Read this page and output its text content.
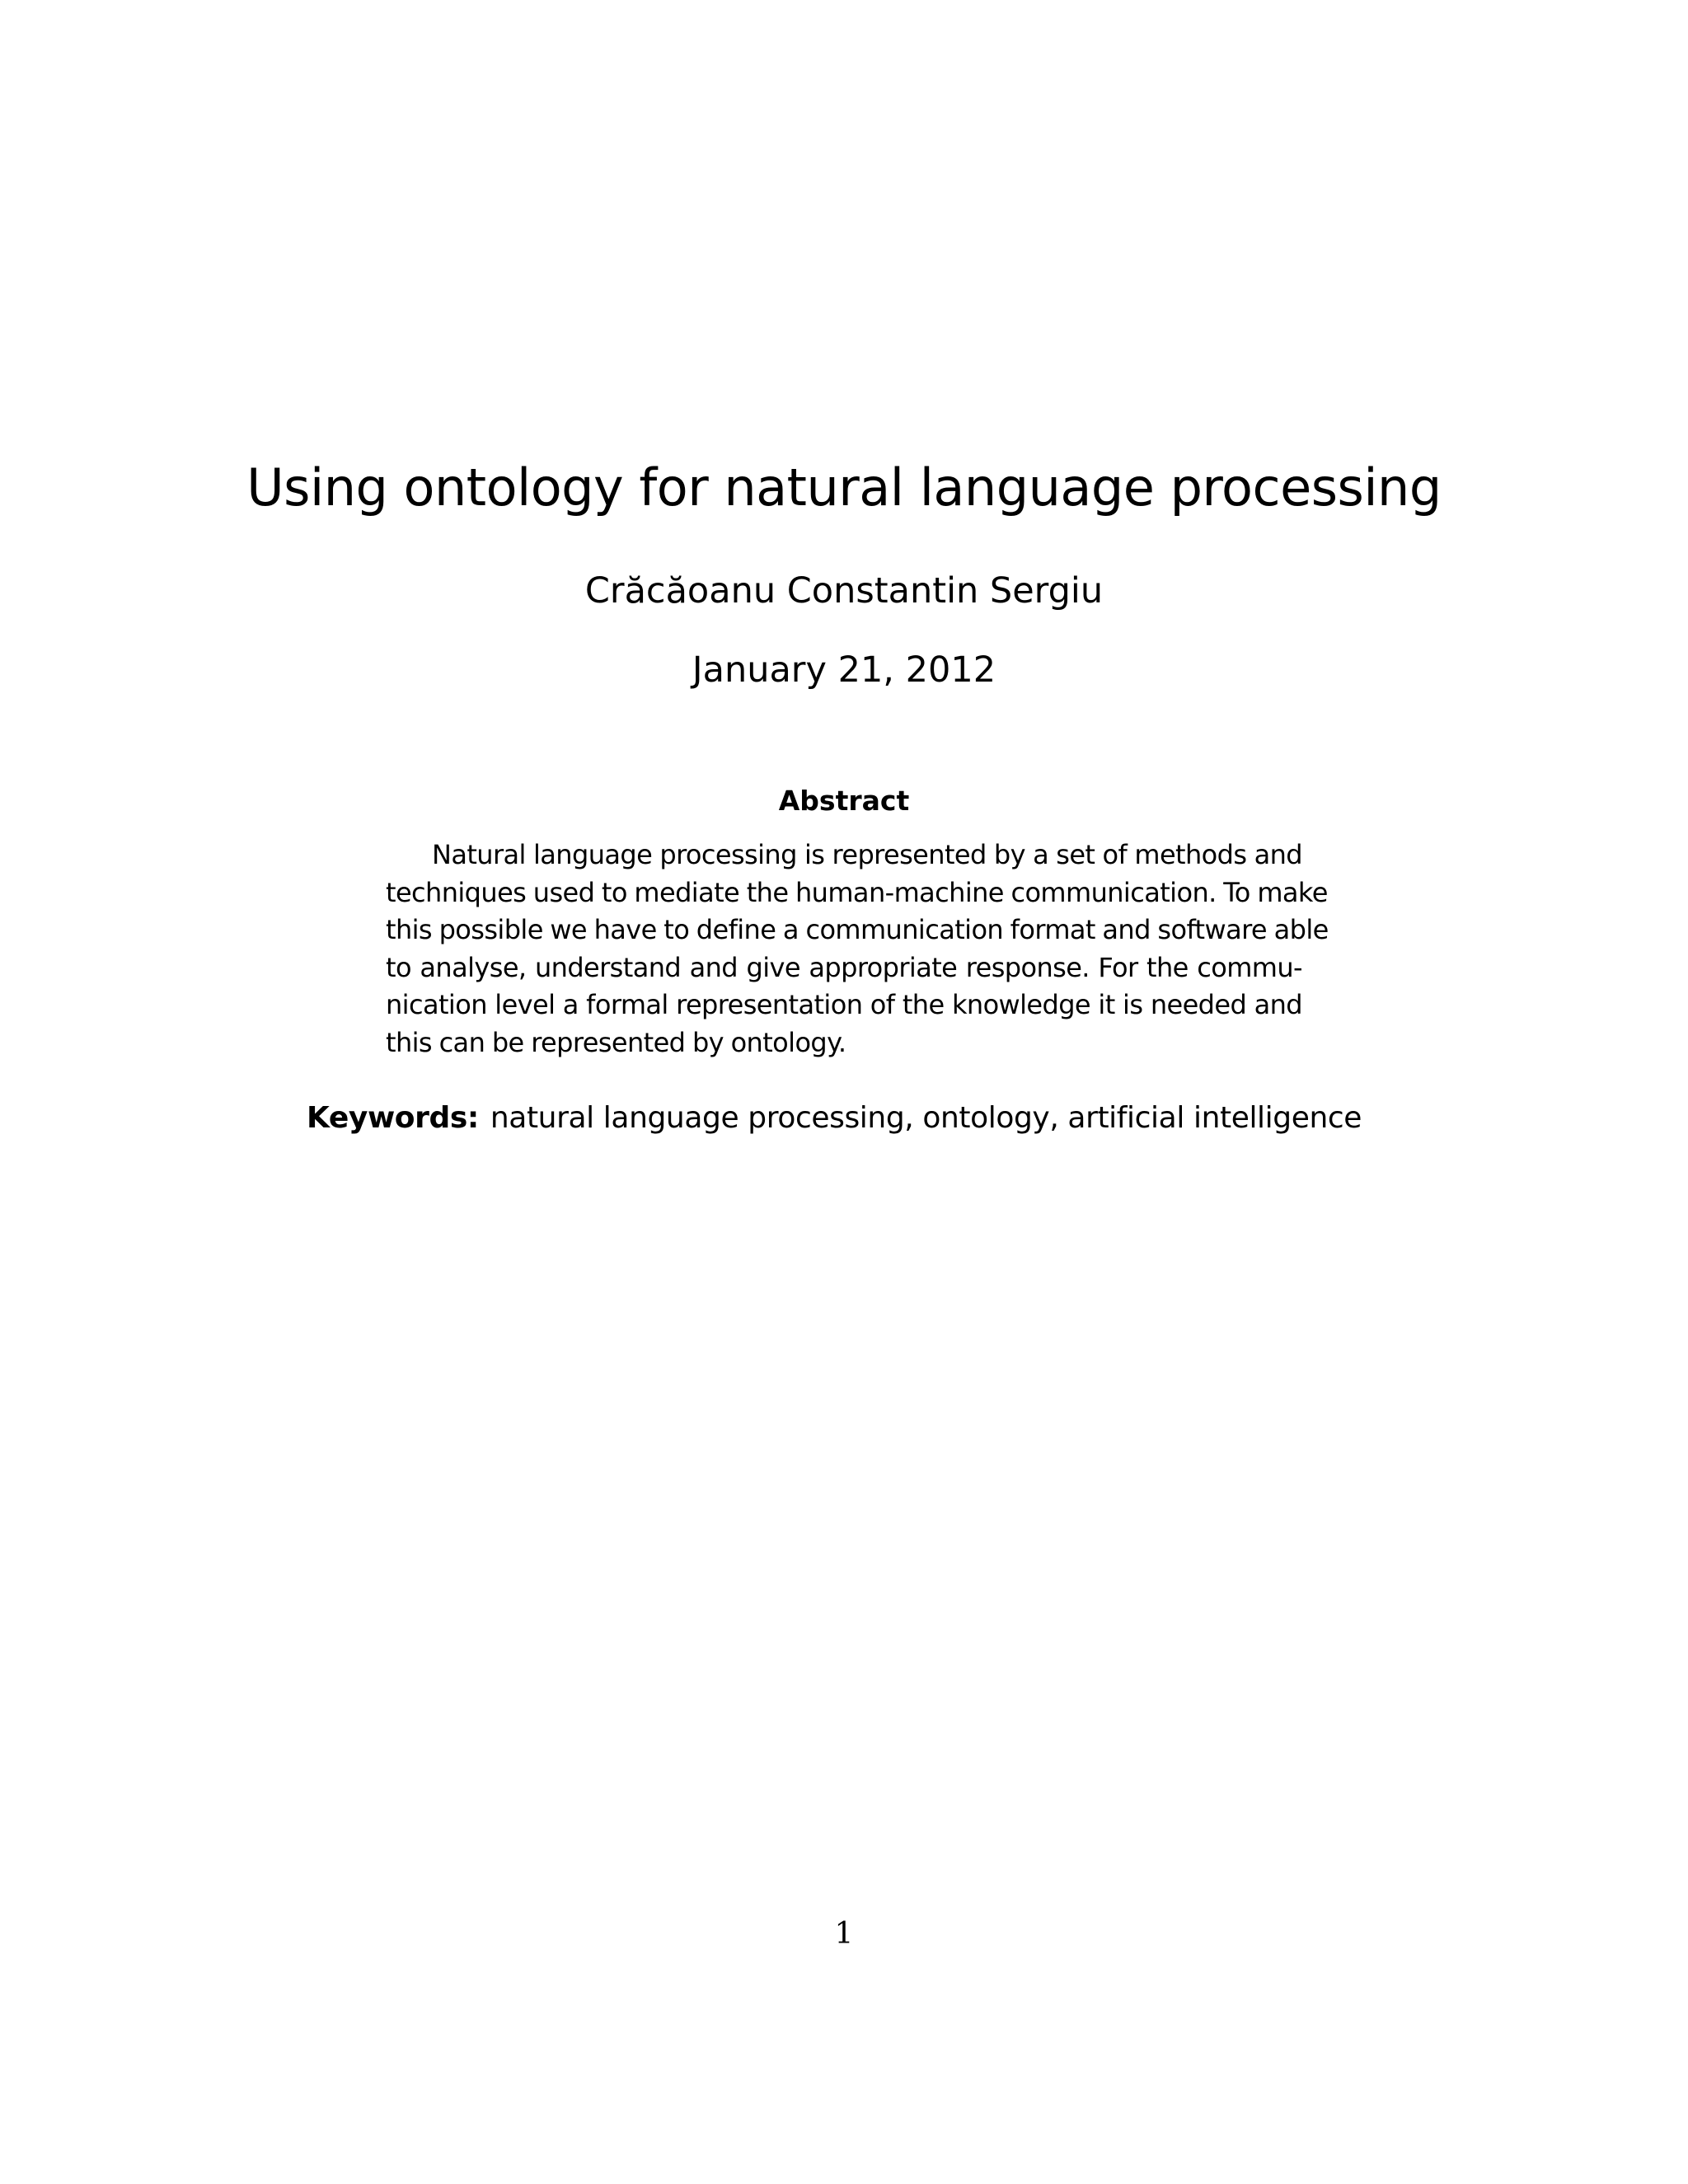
Using ontology for natural language processing
Crăcăoanu Constantin Sergiu
January 21, 2012
Abstract
Natural language processing is represented by a set of methods and
techniques used to mediate the human-machine communication. To make
this possible we have to define a communication format and software able
to analyse, understand and give appropriate response. For the commu-
nication level a formal representation of the knowledge it is needed and
this can be represented by ontology.
Keywords: natural language processing, ontology, artificial intelligence
1
